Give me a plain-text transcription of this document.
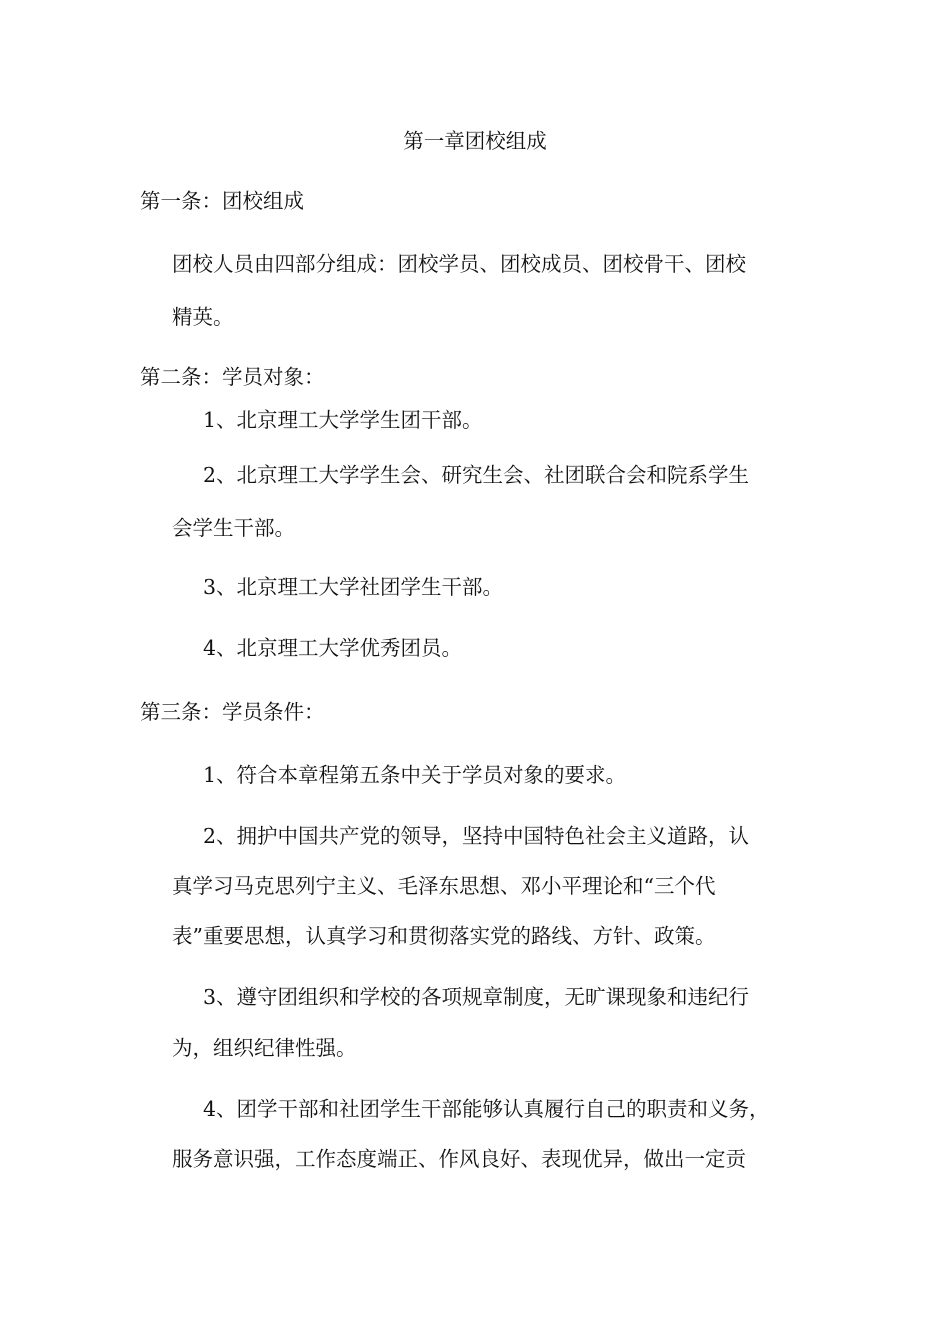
第一章团校组成
第一条：团校组成
团校人员由四部分组成：团校学员、团校成员、团校骨干、团校
精英。
第二条：学员对象：
1、北京理工大学学生团干部。
2、北京理工大学学生会、研究生会、社团联合会和院系学生
会学生干部。
3、北京理工大学社团学生干部。
4、北京理工大学优秀团员。
第三条：学员条件：
1、符合本章程第五条中关于学员对象的要求。
2、拥护中国共产党的领导，坚持中国特色社会主义道路，认
真学习马克思列宁主义、毛泽东思想、邓小平理论和“三个代
表”重要思想，认真学习和贯彻落实党的路线、方针、政策。
3、遵守团组织和学校的各项规章制度，无旷课现象和违纪行
为，组织纪律性强。
4、团学干部和社团学生干部能够认真履行自己的职责和义务，
服务意识强，工作态度端正、作风良好、表现优异，做出一定贡
